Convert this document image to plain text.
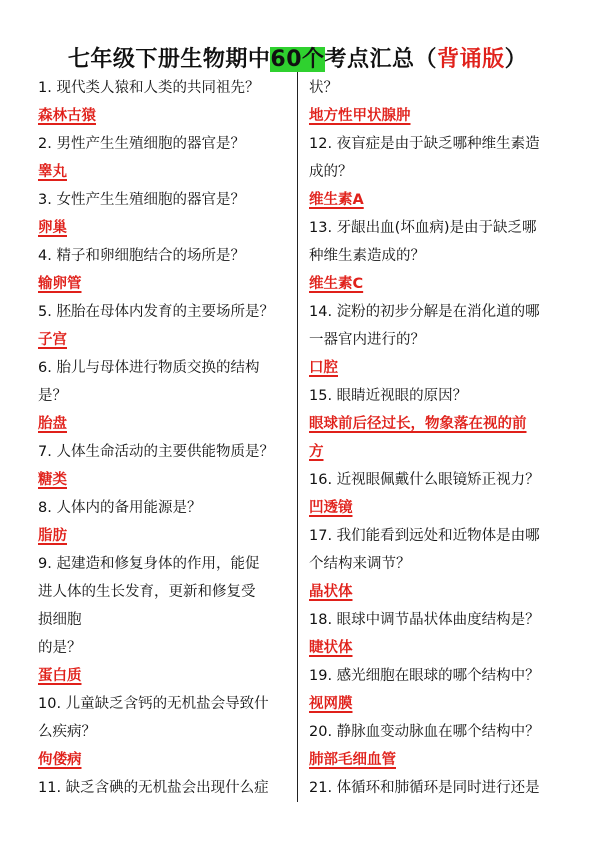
七年级下册生物期中60个考点汇总（背诵版）
1. 现代类人猿和人类的共同祖先？
森林古猿
2. 男性产生生殖细胞的器官是？
睾丸
3. 女性产生生殖细胞的器官是？
卵巢
4. 精子和卵细胞结合的场所是？
输卵管
5. 胚胎在母体内发育的主要场所是？
子宫
6. 胎儿与母体进行物质交换的结构
是？
胎盘
7. 人体生命活动的主要供能物质是？
糖类
8. 人体内的备用能源是？
脂肪
9. 起建造和修复身体的作用，能促
进人体的生长发育，更新和修复受
损细胞
的是？
蛋白质
10. 儿童缺乏含钙的无机盐会导致什
么疾病？
佝偻病
11. 缺乏含碘的无机盐会出现什么症
状？
地方性甲状腺肿
12. 夜盲症是由于缺乏哪种维生素造
成的？
维生素A
13. 牙龈出血(坏血病)是由于缺乏哪
种维生素造成的？
维生素C
14. 淀粉的初步分解是在消化道的哪
一器官内进行的？
口腔
15. 眼睛近视眼的原因？
眼球前后径过长，物象落在视的前
方
16. 近视眼佩戴什么眼镜矫正视力？
凹透镜
17. 我们能看到远处和近物体是由哪
个结构来调节？
晶状体
18. 眼球中调节晶状体曲度结构是？
睫状体
19. 感光细胞在眼球的哪个结构中？
视网膜
20. 静脉血变动脉血在哪个结构中？
肺部毛细血管
21. 体循环和肺循环是同时进行还是
